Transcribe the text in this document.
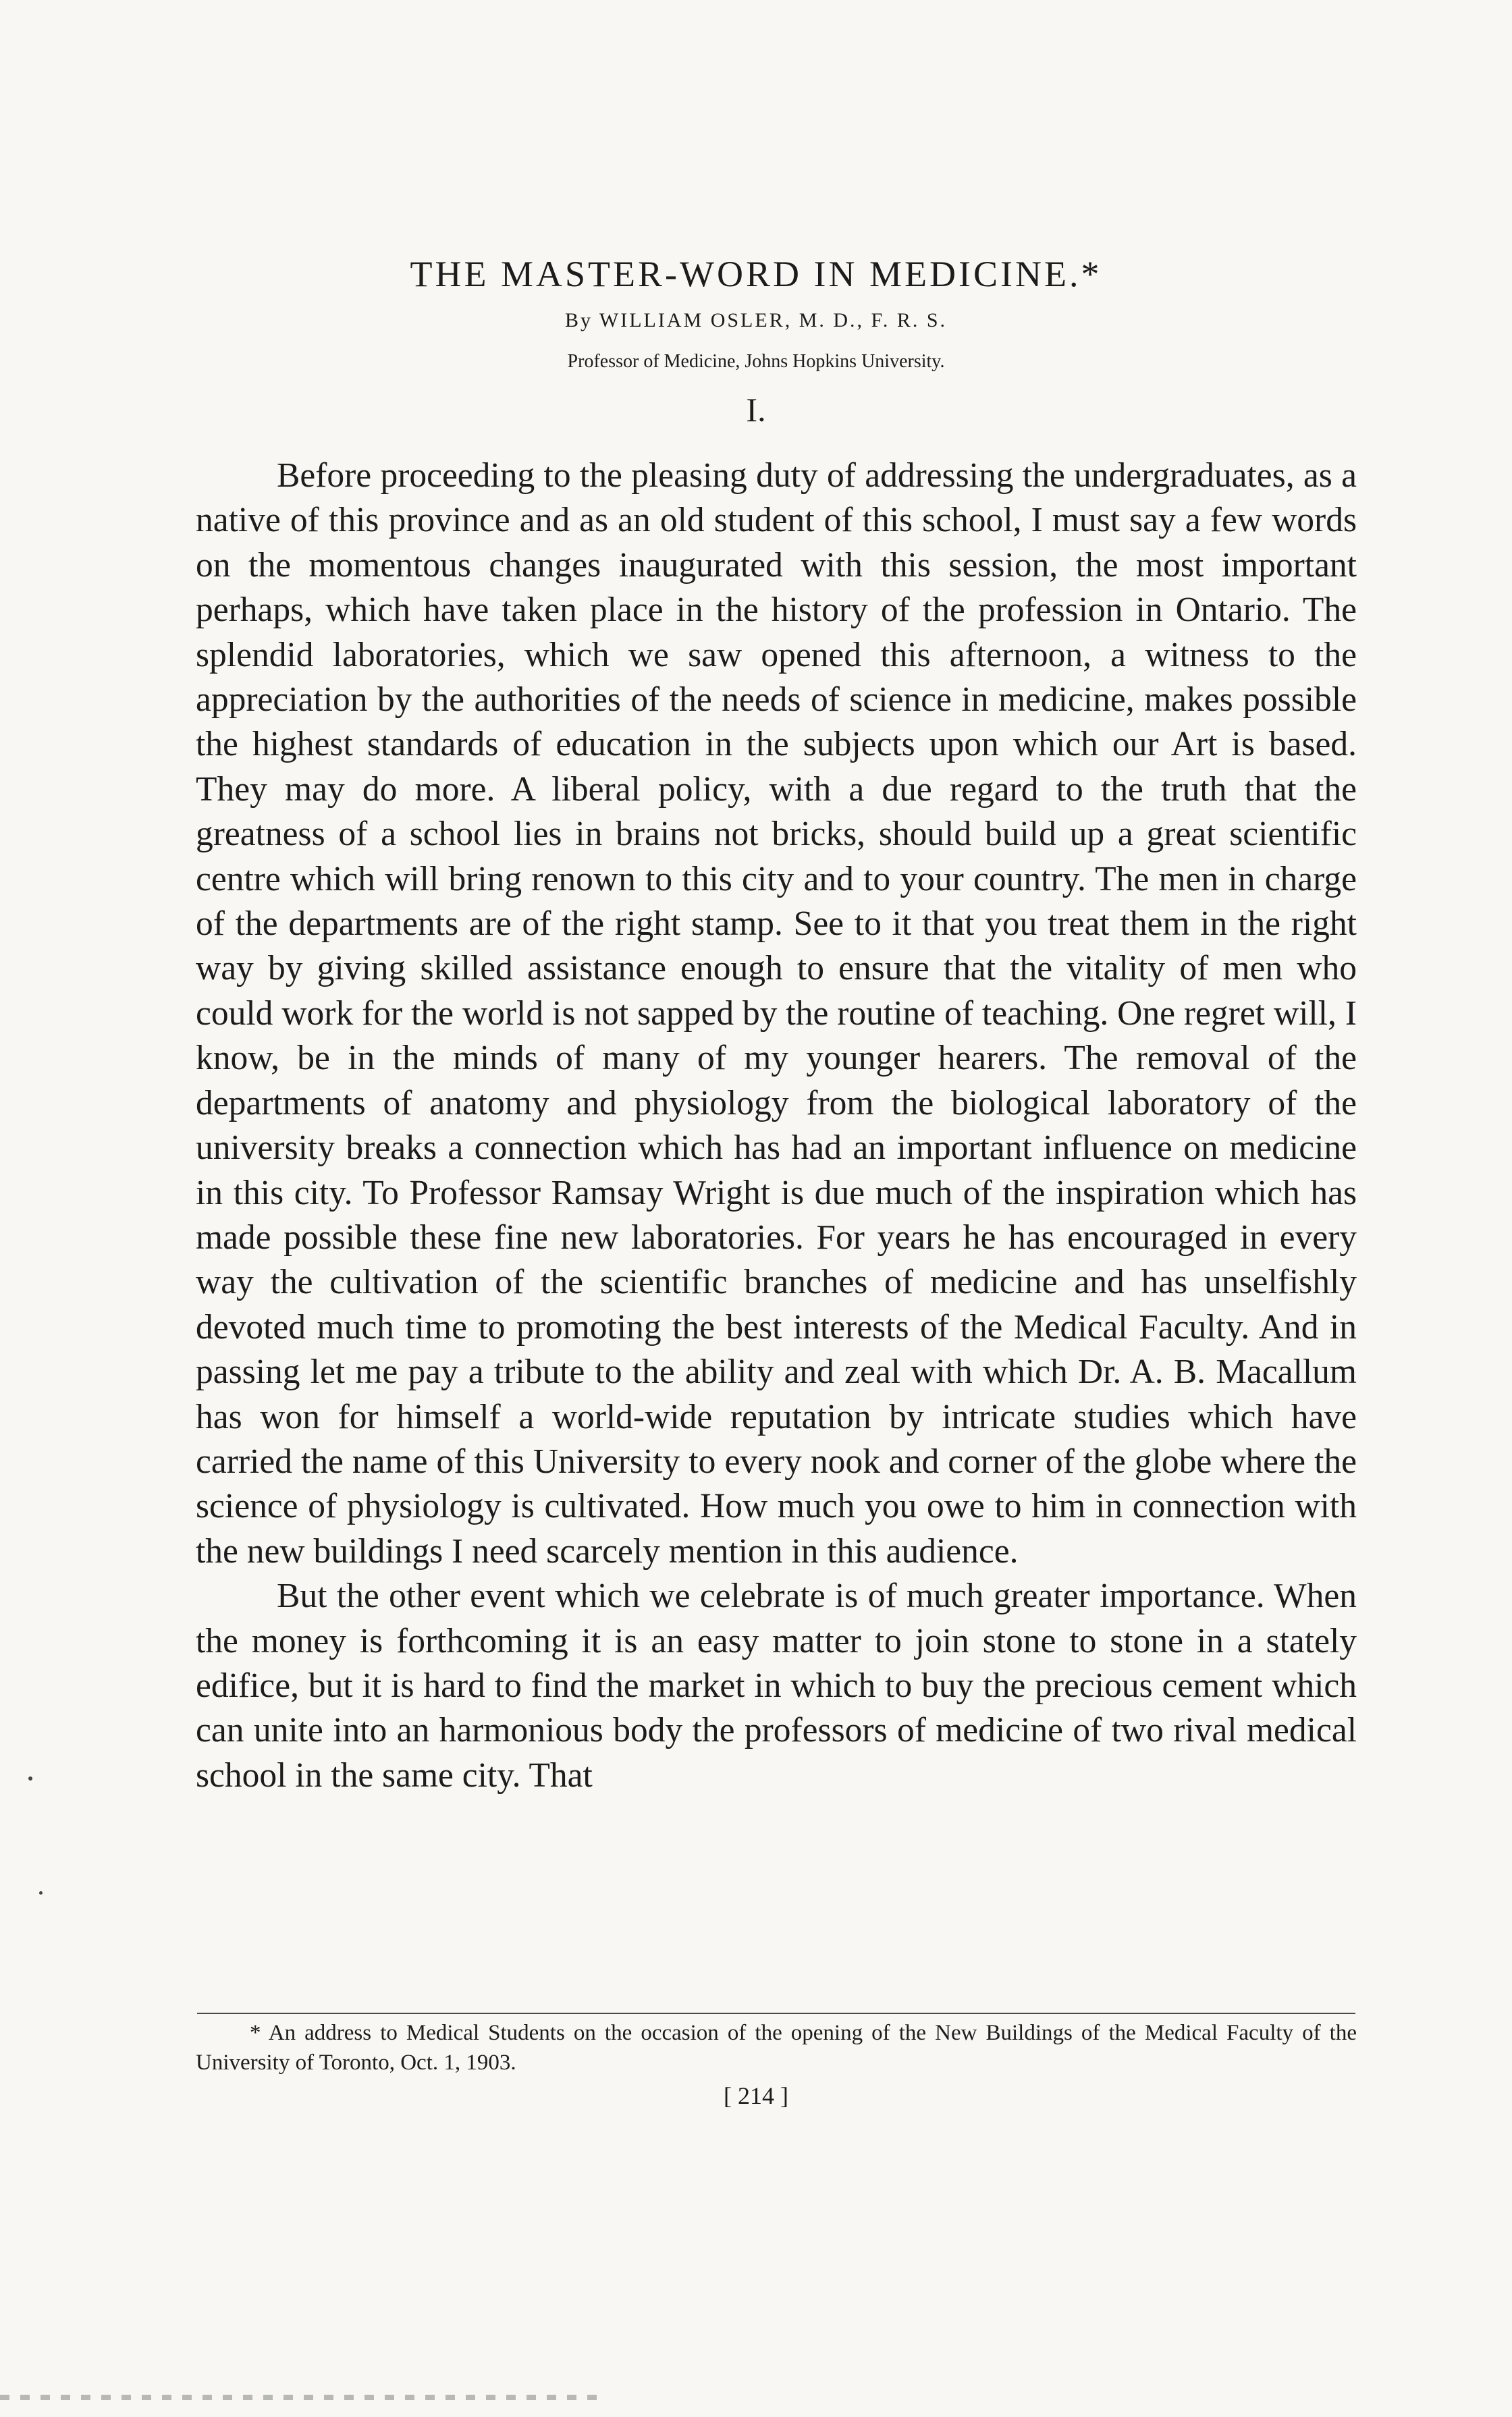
THE MASTER-WORD IN MEDICINE.*

By WILLIAM OSLER, M. D., F. R. S.

Professor of Medicine, Johns Hopkins University.

I.

Before proceeding to the pleasing duty of addressing the undergraduates, as a native of this province and as an old student of this school, I must say a few words on the momentous changes inaugurated with this session, the most important perhaps, which have taken place in the history of the profession in Ontario. The splendid laboratories, which we saw opened this afternoon, a witness to the appreciation by the authorities of the needs of science in medicine, makes possible the highest standards of education in the subjects upon which our Art is based. They may do more. A liberal policy, with a due regard to the truth that the greatness of a school lies in brains not bricks, should build up a great scientific centre which will bring renown to this city and to your country. The men in charge of the departments are of the right stamp. See to it that you treat them in the right way by giving skilled assistance enough to ensure that the vitality of men who could work for the world is not sapped by the routine of teaching. One regret will, I know, be in the minds of many of my younger hearers. The removal of the departments of anatomy and physiology from the biological laboratory of the university breaks a connection which has had an important influence on medicine in this city. To Professor Ramsay Wright is due much of the inspiration which has made possible these fine new laboratories. For years he has encouraged in every way the cultivation of the scientific branches of medicine and has unselfishly devoted much time to promoting the best interests of the Medical Faculty. And in passing let me pay a tribute to the ability and zeal with which Dr. A. B. Macallum has won for himself a world-wide reputation by intricate studies which have carried the name of this University to every nook and corner of the globe where the science of physiology is cultivated. How much you owe to him in connection with the new buildings I need scarcely mention in this audience.

But the other event which we celebrate is of much greater importance. When the money is forthcoming it is an easy matter to join stone to stone in a stately edifice, but it is hard to find the market in which to buy the precious cement which can unite into an harmonious body the professors of medicine of two rival medical school in the same city. That

* An address to Medical Students on the occasion of the opening of the New Buildings of the Medical Faculty of the University of Toronto, Oct. 1, 1903.

[ 214 ]
